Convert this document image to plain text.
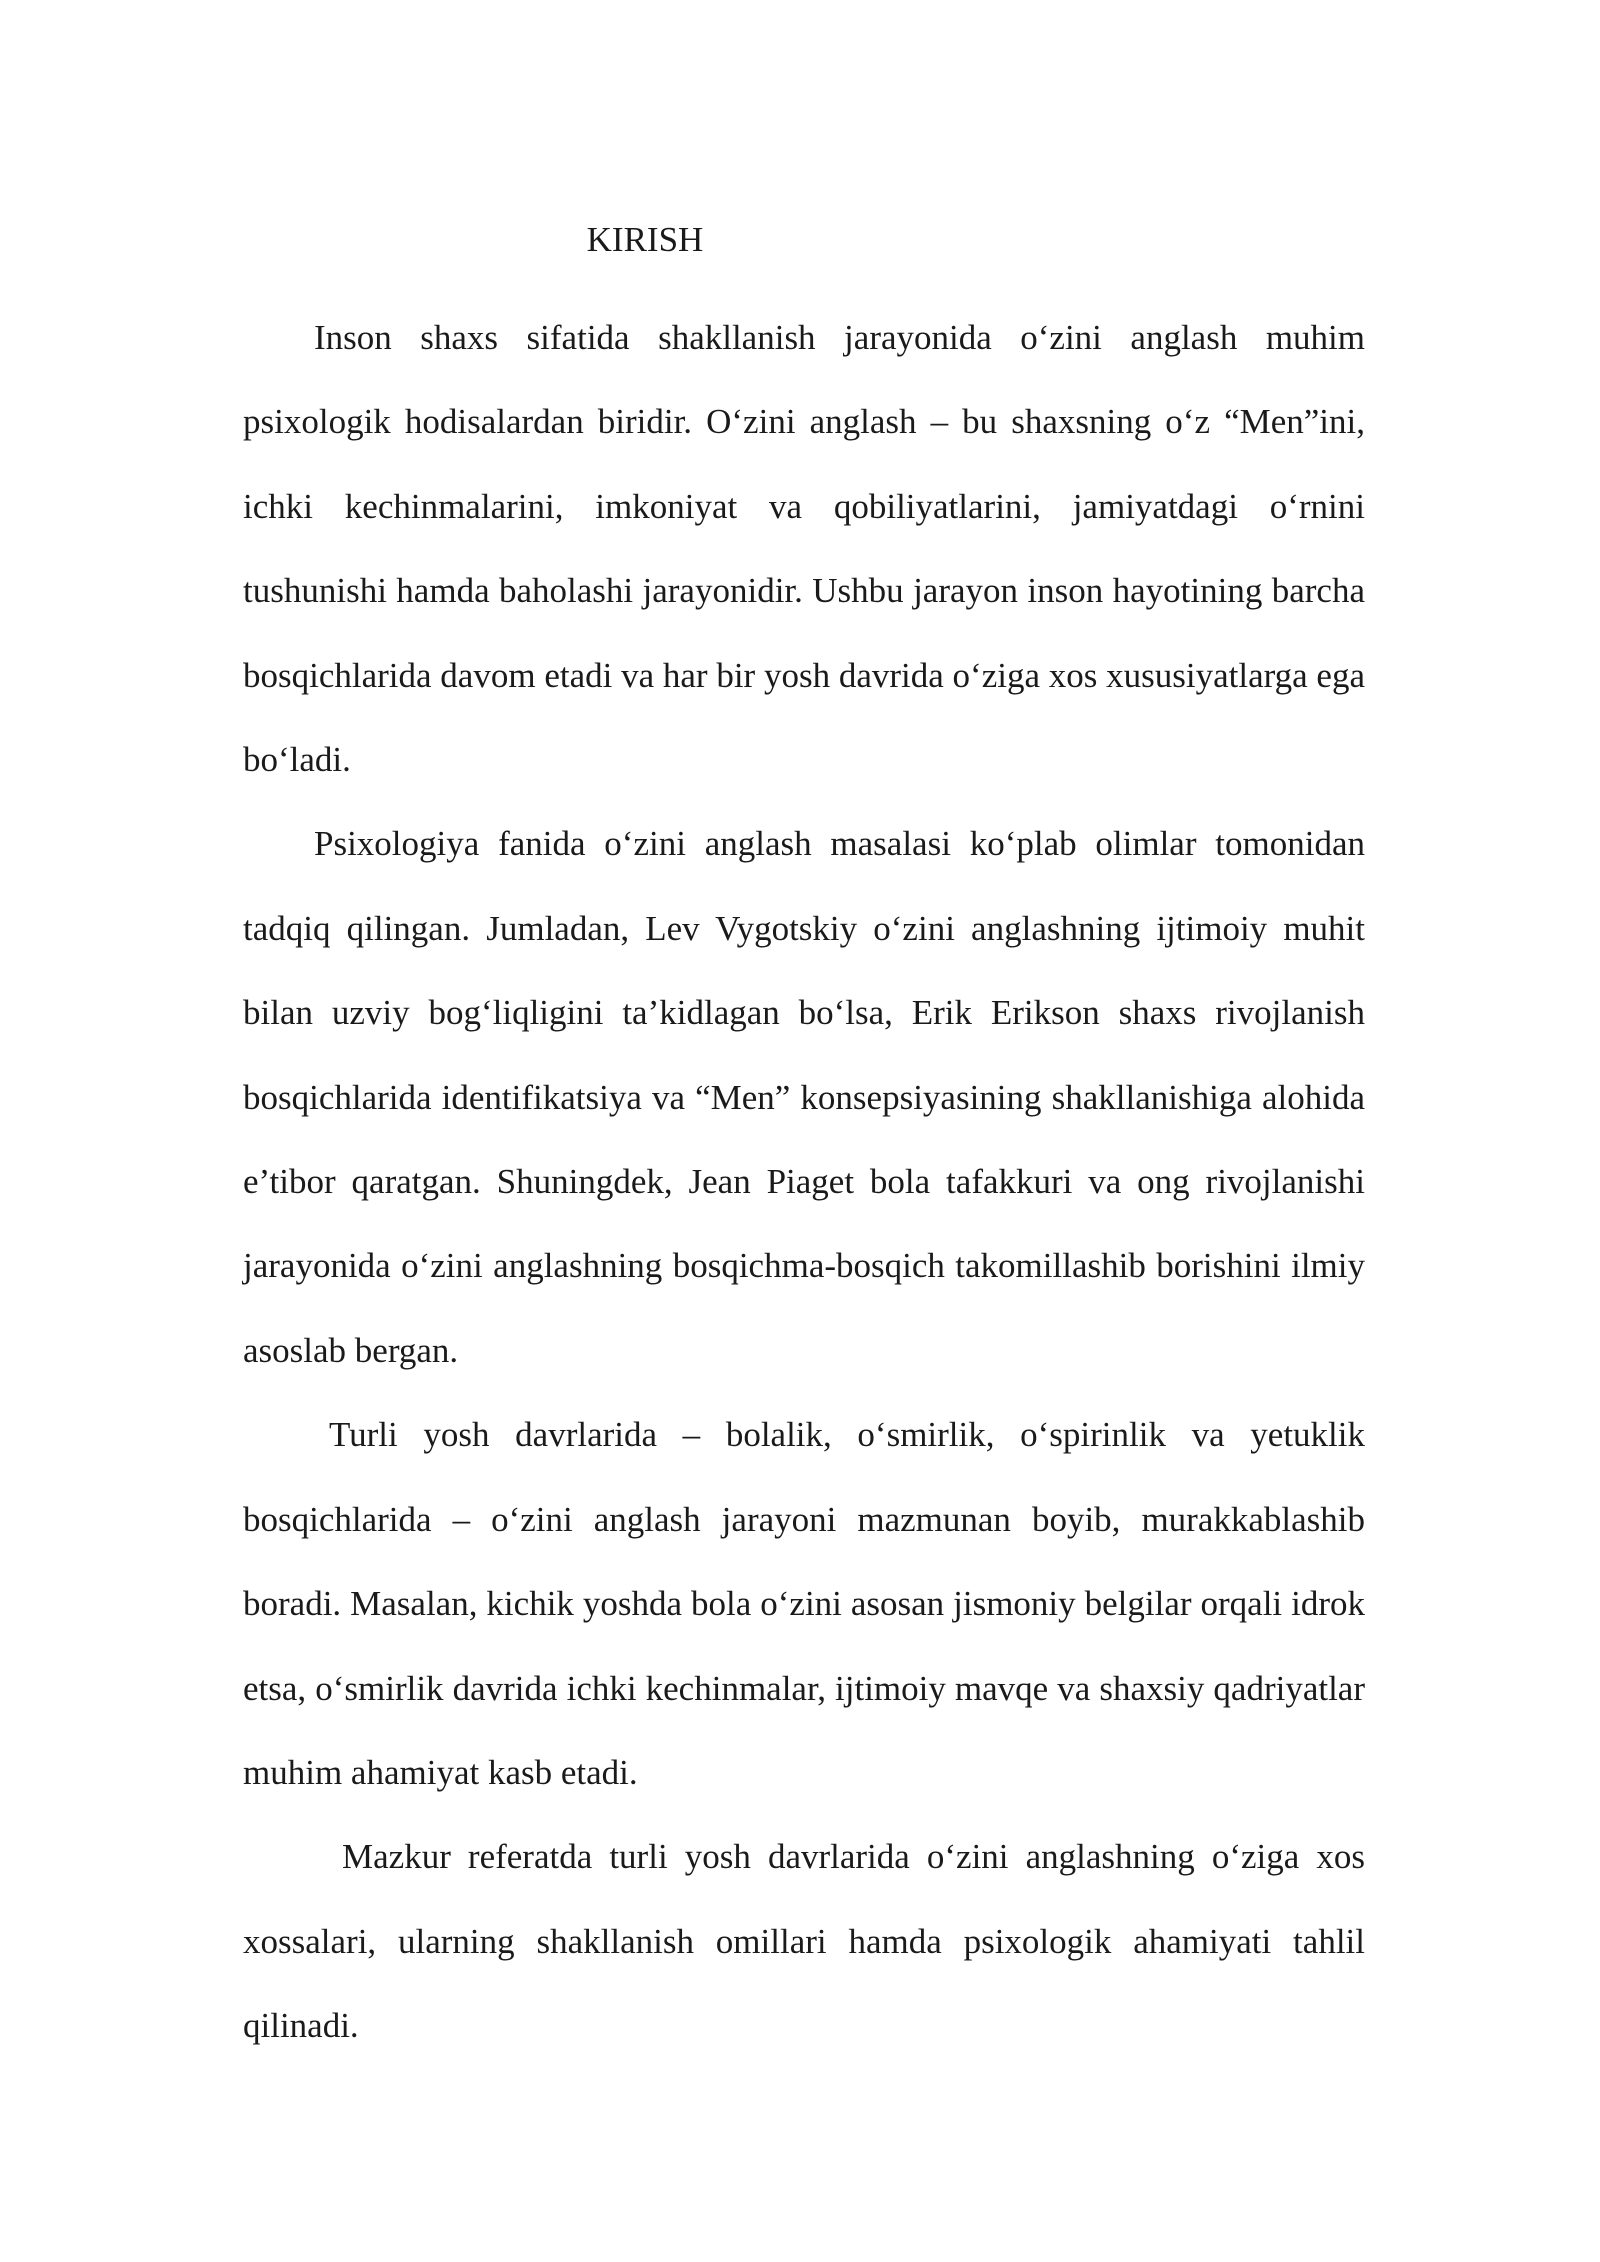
KIRISH

Inson shaxs sifatida shakllanish jarayonida o‘zini anglash muhim psixologik hodisalardan biridir. O‘zini anglash – bu shaxsning o‘z “Men”ini, ichki kechinmalarini, imkoniyat va qobiliyatlarini, jamiyatdagi o‘rnini tushunishi hamda baholashi jarayonidir. Ushbu jarayon inson hayotining barcha bosqichlarida davom etadi va har bir yosh davrida o‘ziga xos xususiyatlarga ega bo‘ladi.

Psixologiya fanida o‘zini anglash masalasi ko‘plab olimlar tomonidan tadqiq qilingan. Jumladan, Lev Vygotskiy o‘zini anglashning ijtimoiy muhit bilan uzviy bog‘liqligini ta’kidlagan bo‘lsa, Erik Erikson shaxs rivojlanish bosqichlarida identifikatsiya va “Men” konsepsiyasining shakllanishiga alohida e’tibor qaratgan. Shuningdek, Jean Piaget bola tafakkuri va ong rivojlanishi jarayonida o‘zini anglashning bosqichma-bosqich takomillashib borishini ilmiy asoslab bergan.

Turli yosh davrlarida – bolalik, o‘smirlik, o‘spirinlik va yetuklik bosqichlarida – o‘zini anglash jarayoni mazmunan boyib, murakkablashib boradi. Masalan, kichik yoshda bola o‘zini asosan jismoniy belgilar orqali idrok etsa, o‘smirlik davrida ichki kechinmalar, ijtimoiy mavqe va shaxsiy qadriyatlar muhim ahamiyat kasb etadi.

Mazkur referatda turli yosh davrlarida o‘zini anglashning o‘ziga xos xossalari, ularning shakllanish omillari hamda psixologik ahamiyati tahlil qilinadi.
